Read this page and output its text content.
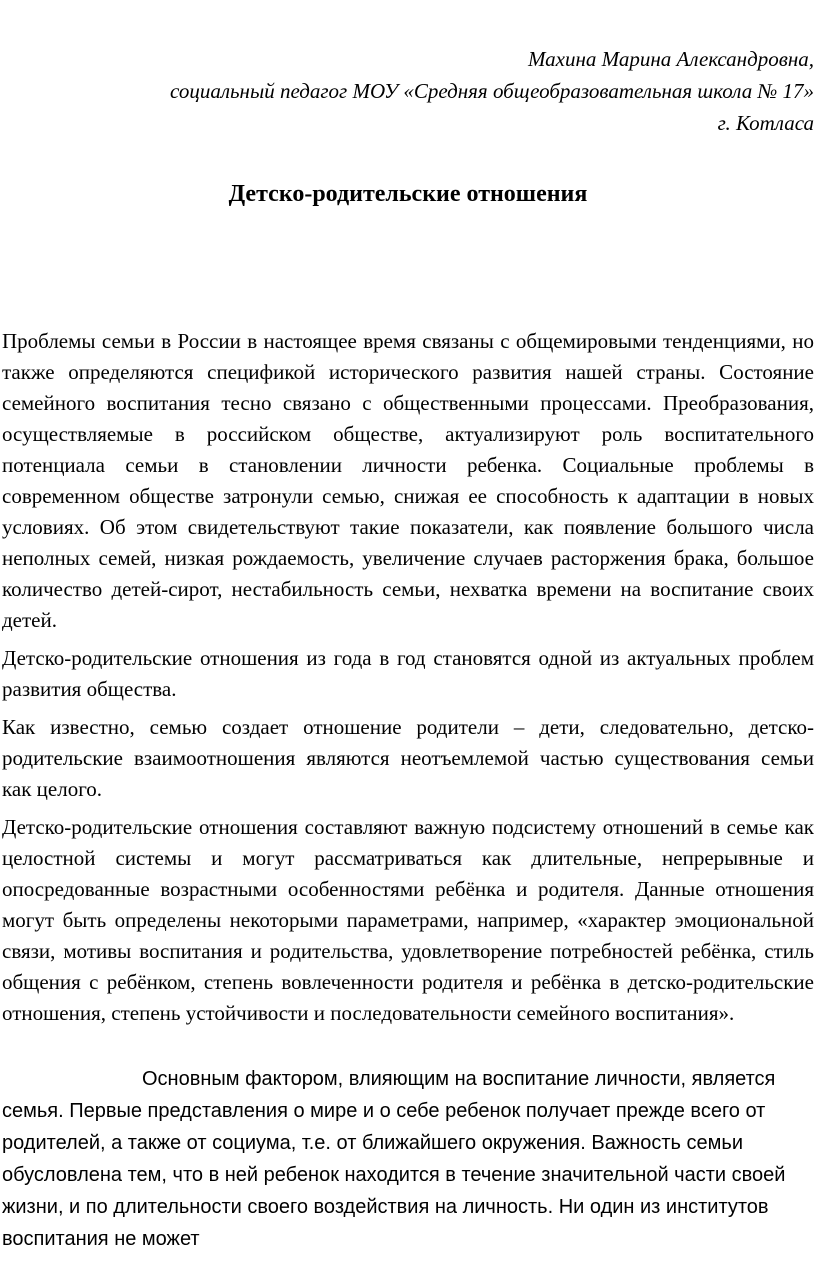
Махина Марина Александровна,
социальный педагог МОУ «Средняя общеобразовательная школа № 17»
г. Котласа
Детско-родительские отношения

Проблемы семьи в России в настоящее время связаны с общемировыми тенденциями, но также определяются спецификой исторического развития нашей страны. Состояние семейного воспитания тесно связано с общественными процессами. Преобразования, осуществляемые в российском обществе, актуализируют роль воспитательного потенциала семьи в становлении личности ребенка. Социальные проблемы в современном обществе затронули семью, снижая ее способность к адаптации в новых условиях. Об этом свидетельствуют такие показатели, как появление большого числа неполных семей, низкая рождаемость, увеличение случаев расторжения брака, большое количество детей-сирот, нестабильность семьи, нехватка времени на воспитание своих детей.

Детско-родительские отношения из года в год становятся одной из актуальных проблем развития общества.

Как известно, семью создает отношение родители – дети, следовательно, детско-родительские взаимоотношения являются неотъемлемой частью существования семьи как целого.

Детско-родительские отношения составляют важную подсистему отношений в семье как целостной системы и могут рассматриваться как длительные, непрерывные и опосредованные возрастными особенностями ребёнка и родителя. Данные отношения могут быть определены некоторыми параметрами, например, «характер эмоциональной связи, мотивы воспитания и родительства, удовлетворение потребностей ребёнка, стиль общения с ребёнком, степень вовлеченности родителя и ребёнка в детско-родительские отношения, степень устойчивости и последовательности семейного воспитания».

Основным фактором, влияющим на воспитание личности, является семья. Первые представления о мире и о себе ребенок получает прежде всего от родителей, а также от социума, т.е. от ближайшего окружения. Важность семьи обусловлена тем, что в ней ребенок находится в течение значительной части своей жизни, и по длительности своего воздействия на личность. Ни один из институтов воспитания не может
